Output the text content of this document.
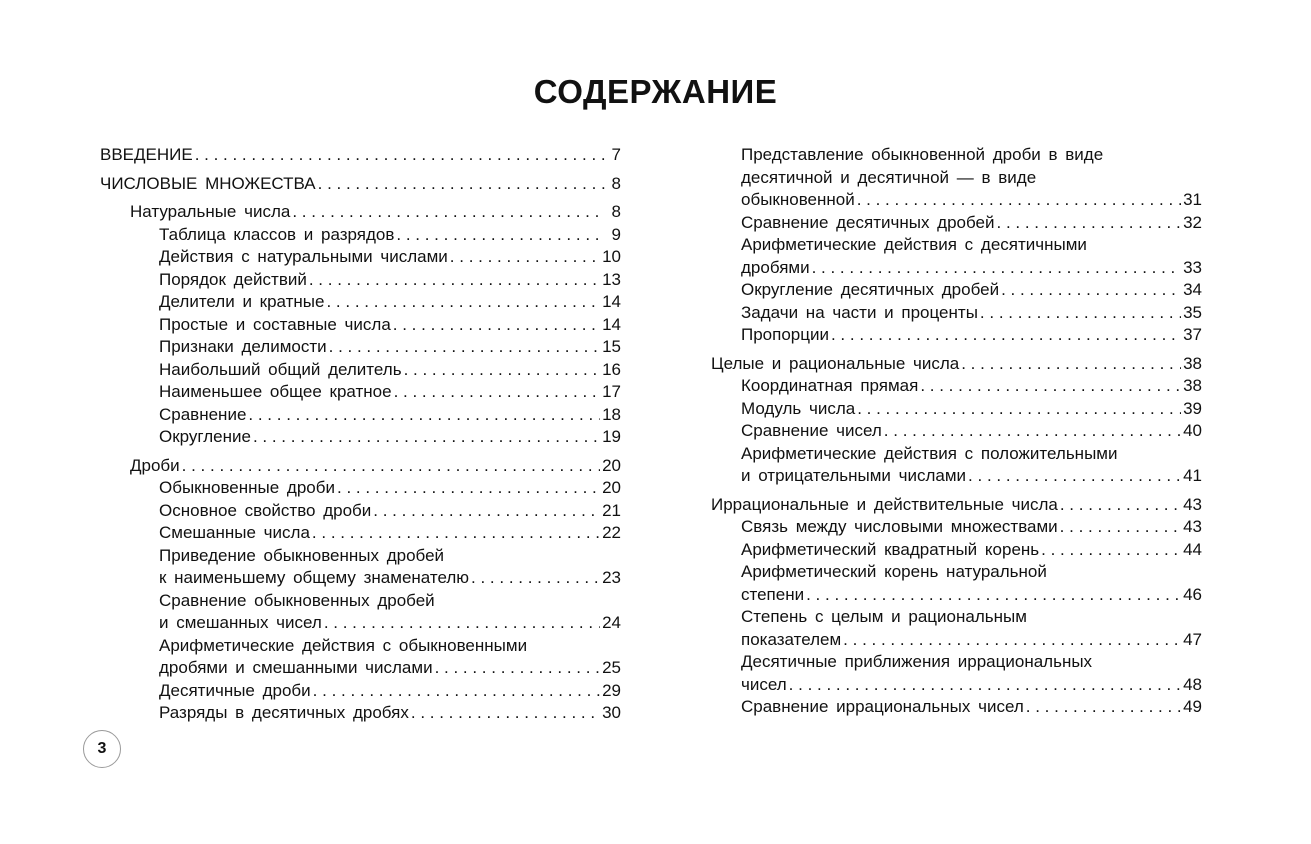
СОДЕРЖАНИЕ
ВВЕДЕНИЕ . . .	7
ЧИСЛОВЫЕ МНОЖЕСТВА . . .	8
Натуральные числа . . .	8
Таблица классов и разрядов . . .	9
Действия с натуральными числами . . .	10
Порядок действий . . .	13
Делители и кратные . . .	14
Простые и составные числа . . .	14
Признаки делимости . . .	15
Наибольший общий делитель . . .	16
Наименьшее общее кратное . . .	17
Сравнение . . .	18
Округление . . .	19
Дроби . . .	20
Обыкновенные дроби . . .	20
Основное свойство дроби . . .	21
Смешанные числа . . .	22
Приведение обыкновенных дробей
к наименьшему общему знаменателю . . .	23
Сравнение обыкновенных дробей
и смешанных чисел . . .	24
Арифметические действия с обыкновенными
дробями и смешанными числами . . .	25
Десятичные дроби . . .	29
Разряды в десятичных дробях . . .	30
Представление обыкновенной дроби в виде
десятичной и десятичной — в виде
обыкновенной . . .	31
Сравнение десятичных дробей . . .	32
Арифметические действия с десятичными
дробями . . .	33
Округление десятичных дробей . . .	34
Задачи на части и проценты . . .	35
Пропорции . . .	37
Целые и рациональные числа . . .	38
Координатная прямая . . .	38
Модуль числа . . .	39
Сравнение чисел . . .	40
Арифметические действия с положительными
и отрицательными числами . . .	41
Иррациональные и действительные числа . . .	43
Связь между числовыми множествами . . .	43
Арифметический квадратный корень . . .	44
Арифметический корень натуральной
степени . . .	46
Степень с целым и рациональным
показателем . . .	47
Десятичные приближения иррациональных
чисел . . .	48
Сравнение иррациональных чисел . . .	49
3
